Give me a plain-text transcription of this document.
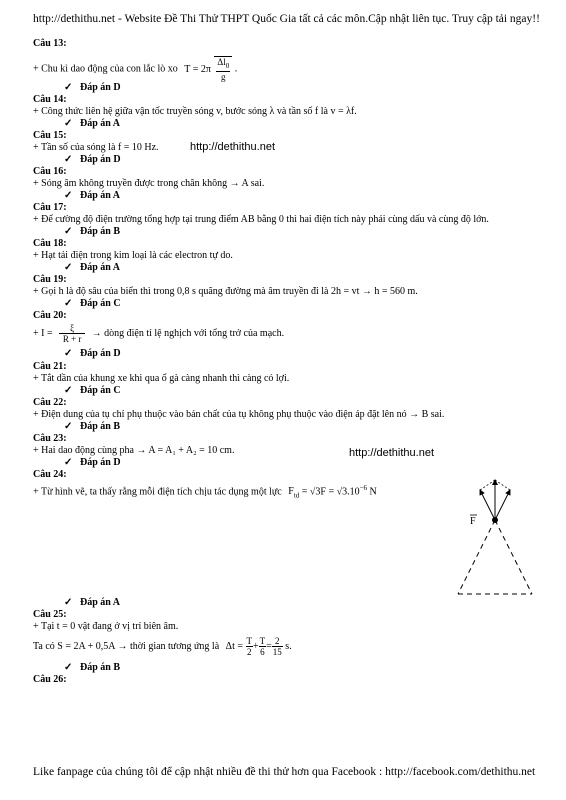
http://dethithu.net - Website Đề Thi Thử THPT Quốc Gia tất cả các môn.Cập nhật liên tục. Truy cập tải ngay!!
Câu 13:
+ Chu kì dao động của con lắc lò xo $T = 2\pi \frac{\Delta l_0}{g}$ .
✓ Đáp án D
Câu 14:
+ Công thức liên hệ giữa vận tốc truyền sóng v, bước sóng λ và tần số f là v = λf.
✓ Đáp án A
Câu 15:
+ Tần số của sóng là f = 10 Hz.	http://dethithu.net
✓ Đáp án D
Câu 16:
+ Sóng âm không truyền được trong chân không → A sai.
✓ Đáp án A
Câu 17:
+ Để cường độ điện trường tổng hợp tại trung điểm AB bằng 0 thì hai điện tích này phải cùng dấu và cùng độ lớn.
✓ Đáp án B
Câu 18:
+ Hạt tải điện trong kim loại là các electron tự do.
✓ Đáp án A
Câu 19:
+ Gọi h là độ sâu của biển thì trong 0,8 s quãng đường mà âm truyền đi là 2h = vt → h = 560 m.
✓ Đáp án C
Câu 20:
+ $I = \frac{\xi}{R + r}$ → dòng điện tỉ lệ nghịch với tổng trở của mạch.
✓ Đáp án D
Câu 21:
+ Tắt dần của khung xe khi qua ổ gà càng nhanh thì càng có lợi.
✓ Đáp án C
Câu 22:
+ Điện dung của tụ chỉ phụ thuộc vào bản chất của tụ không phụ thuộc vào điện áp đặt lên nó → B sai.
✓ Đáp án B
Câu 23:
+ Hai dao động cùng pha → A = A₁ + A₂ = 10 cm.	http://dethithu.net
✓ Đáp án D
Câu 24:
+ Từ hình vẽ, ta thấy rằng mỗi điện tích chịu tác dụng một lực $F_{td} = √3F = √3.10^{-6}$ N
F
✓ Đáp án A
Câu 25:
+ Tại t = 0 vật đang ở vị trí biên âm.
Ta có S = 2A + 0,5A → thời gian tương ứng là $\Delta t = \frac{T}{2} + \frac{T}{6} = \frac{2}{15} s$.
✓ Đáp án B
Câu 26:
Like fanpage của chúng tôi để cập nhật nhiều đề thi thử hơn qua Facebook : http://facebook.com/dethithu.net
